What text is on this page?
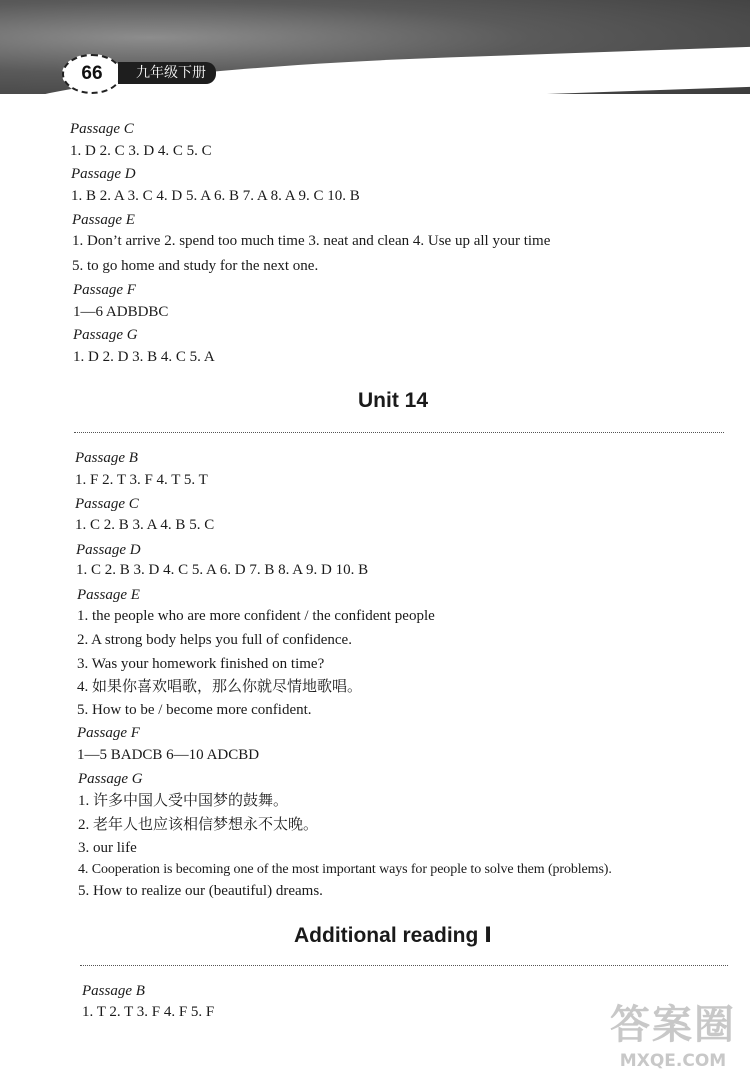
66	九年级下册
Passage C
1. D 2. C 3. D 4. C 5. C
Passage D
1. B 2. A 3. C 4. D 5. A 6. B 7. A 8. A 9. C 10. B
Passage E
1. Don’t arrive 2. spend too much time 3. neat and clean 4. Use up all your time
5. to go home and study for the next one.
Passage F
1—6 ADBDBC
Passage G
1. D 2. D 3. B 4. C 5. A
Unit 14
Passage B
1. F 2. T 3. F 4. T 5. T
Passage C
1. C 2. B 3. A 4. B 5. C
Passage D
1. C 2. B 3. D 4. C 5. A 6. D 7. B 8. A 9. D 10. B
Passage E
1. the people who are more confident / the confident people
2. A strong body helps you full of confidence.
3. Was your homework finished on time?
4. 如果你喜欢唱歌，那么你就尽情地歌唱。
5. How to be / become more confident.
Passage F
1—5 BADCB 6—10 ADCBD
Passage G
1. 许多中国人受中国梦的鼓舞。
2. 老年人也应该相信梦想永不太晚。
3. our life
4. Cooperation is becoming one of the most important ways for people to solve them (problems).
5. How to realize our (beautiful) dreams.
Additional reading Ⅰ
Passage B
1. T 2. T 3. F 4. F 5. F	答案圈
MXQE.COM
